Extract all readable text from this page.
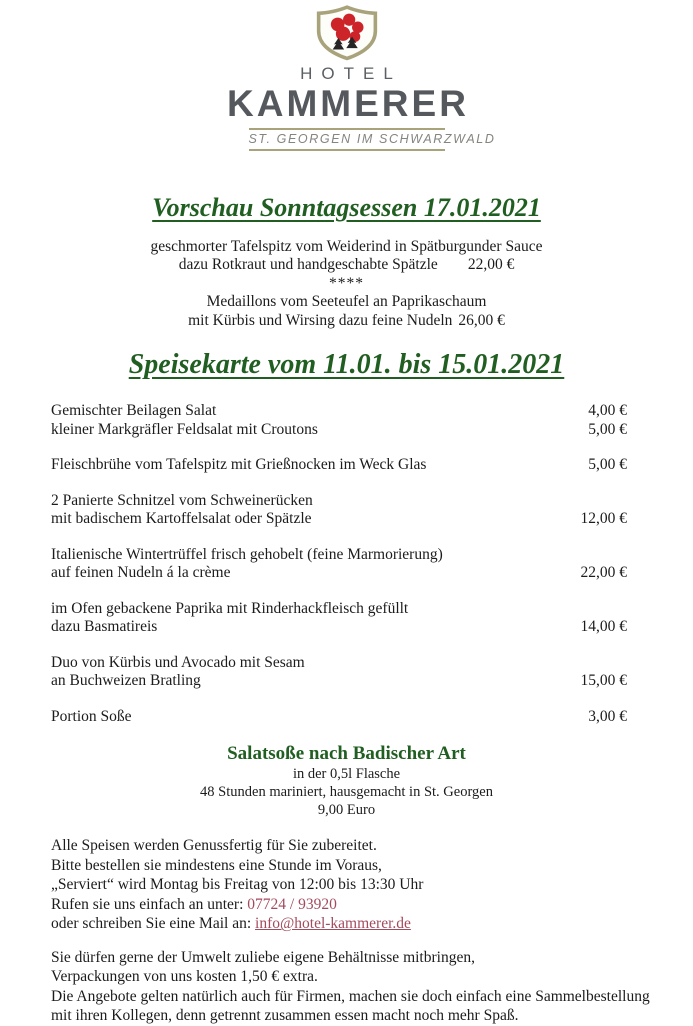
HOTEL
KAMMERER
ST. GEORGEN IM SCHWARZWALD
Vorschau Sonntagsessen 17.01.2021
geschmorter Tafelspitz vom Weiderind in Spätburgunder Sauce
dazu Rotkraut und handgeschabte Spätzle 22,00 €
****
Medaillons vom Seeteufel an Paprikaschaum
mit Kürbis und Wirsing dazu feine Nudeln 26,00 €
Speisekarte vom 11.01. bis 15.01.2021
Gemischter Beilagen Salat	4,00 €
kleiner Markgräfler Feldsalat mit Croutons	5,00 €
Fleischbrühe vom Tafelspitz mit Grießnocken im Weck Glas	5,00 €
2 Panierte Schnitzel vom Schweinerücken
mit badischem Kartoffelsalat oder Spätzle	12,00 €
Italienische Wintertrüffel frisch gehobelt (feine Marmorierung)
auf feinen Nudeln á la crème	22,00 €
im Ofen gebackene Paprika mit Rinderhackfleisch gefüllt
dazu Basmatireis	14,00 €
Duo von Kürbis und Avocado mit Sesam
an Buchweizen Bratling	15,00 €
Portion Soße	3,00 €
Salatsoße nach Badischer Art
in der 0,5l Flasche
48 Stunden mariniert, hausgemacht in St. Georgen
9,00 Euro
Alle Speisen werden Genussfertig für Sie zubereitet.
Bitte bestellen sie mindestens eine Stunde im Voraus,
„Serviert“ wird Montag bis Freitag von 12:00 bis 13:30 Uhr
Rufen sie uns einfach an unter: 07724 / 93920
oder schreiben Sie eine Mail an: info@hotel-kammerer.de
Sie dürfen gerne der Umwelt zuliebe eigene Behältnisse mitbringen,
Verpackungen von uns kosten 1,50 € extra.
Die Angebote gelten natürlich auch für Firmen, machen sie doch einfach eine Sammelbestellung
mit ihren Kollegen, denn getrennt zusammen essen macht noch mehr Spaß.
